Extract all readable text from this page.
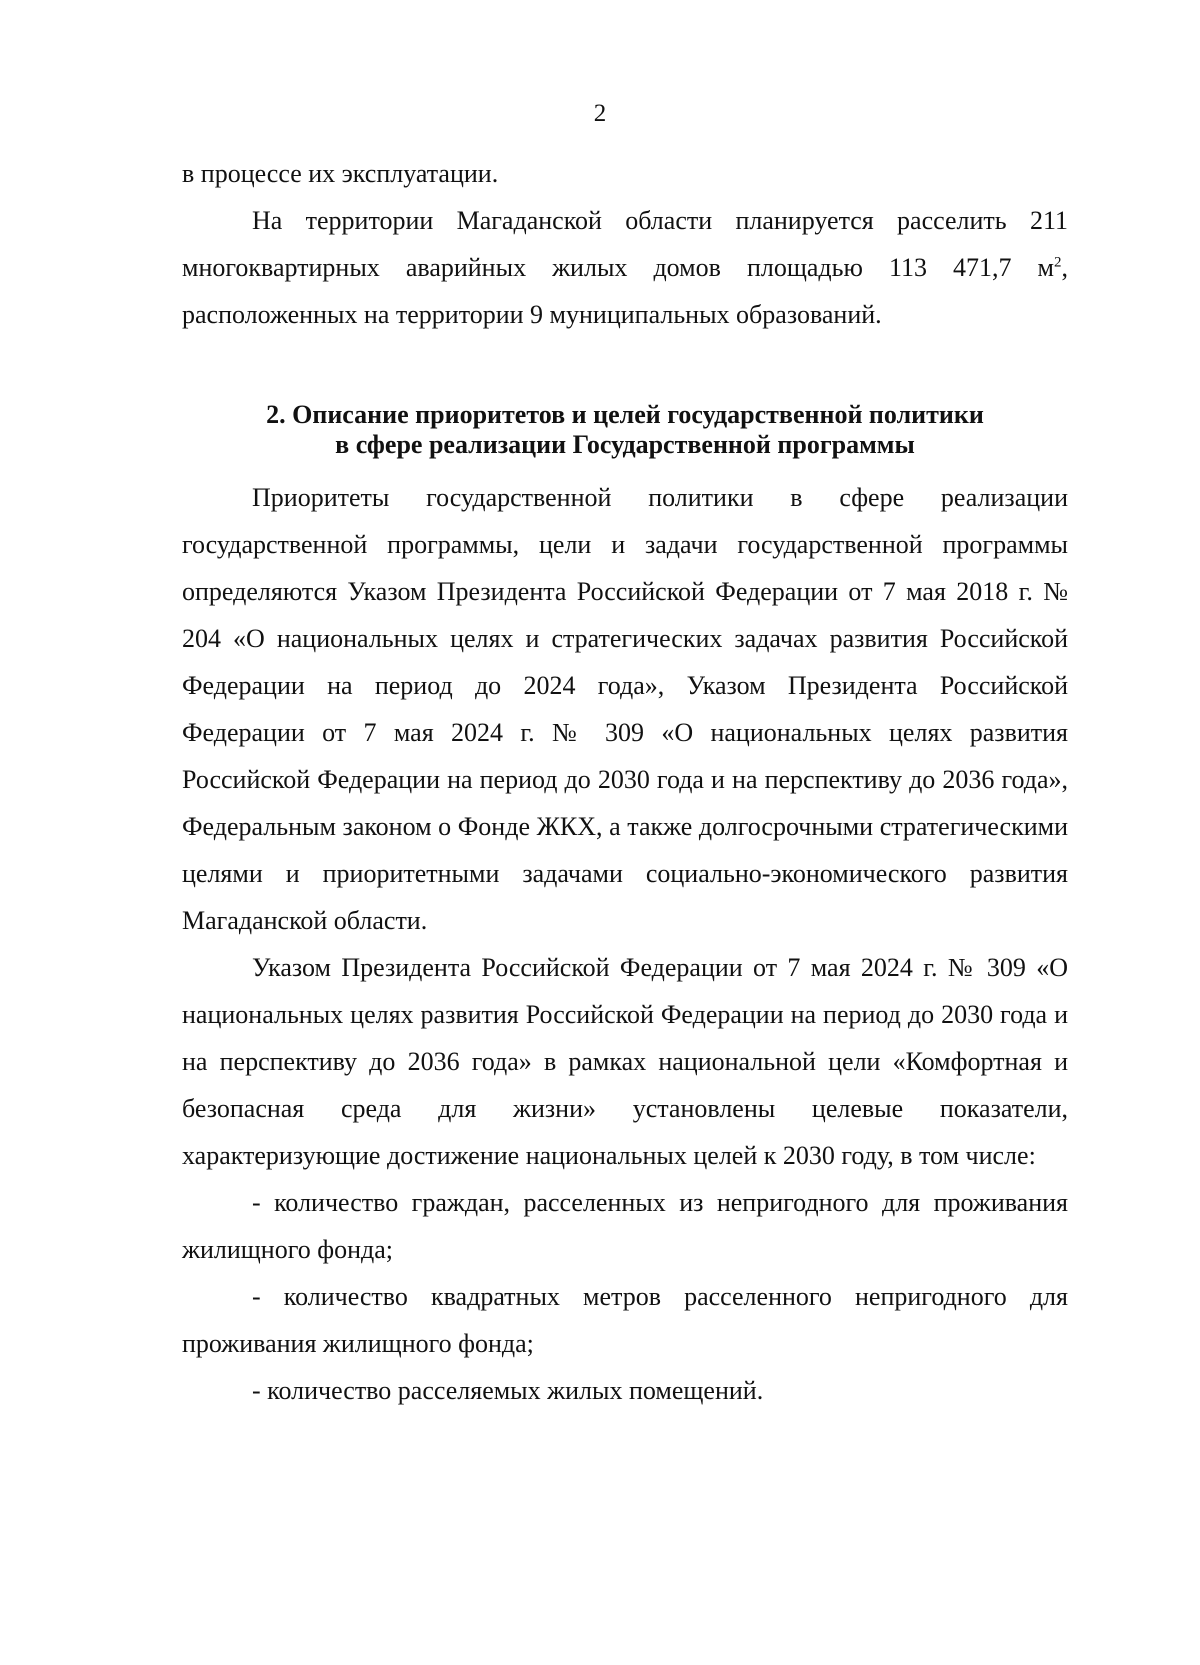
2

в процессе их эксплуатации.

На территории Магаданской области планируется расселить 211 многоквартирных аварийных жилых домов площадью 113 471,7 $м^2$, расположенных на территории 9 муниципальных образований.

2. Описание приоритетов и целей государственной политики
в сфере реализации Государственной программы

Приоритеты государственной политики в сфере реализации государственной программы, цели и задачи государственной программы определяются Указом Президента Российской Федерации от 7 мая 2018 г. № 204 «О национальных целях и стратегических задачах развития Российской Федерации на период до 2024 года», Указом Президента Российской Федерации от 7 мая 2024 г. № 309 «О национальных целях развития Российской Федерации на период до 2030 года и на перспективу до 2036 года», Федеральным законом о Фонде ЖКХ, а также долгосрочными стратегическими целями и приоритетными задачами социально-экономического развития Магаданской области.

Указом Президента Российской Федерации от 7 мая 2024 г. № 309 «О национальных целях развития Российской Федерации на период до 2030 года и на перспективу до 2036 года» в рамках национальной цели «Комфортная и безопасная среда для жизни» установлены целевые показатели, характеризующие достижение национальных целей к 2030 году, в том числе:

- количество граждан, расселенных из непригодного для проживания жилищного фонда;

- количество квадратных метров расселенного непригодного для проживания жилищного фонда;

- количество расселяемых жилых помещений.
